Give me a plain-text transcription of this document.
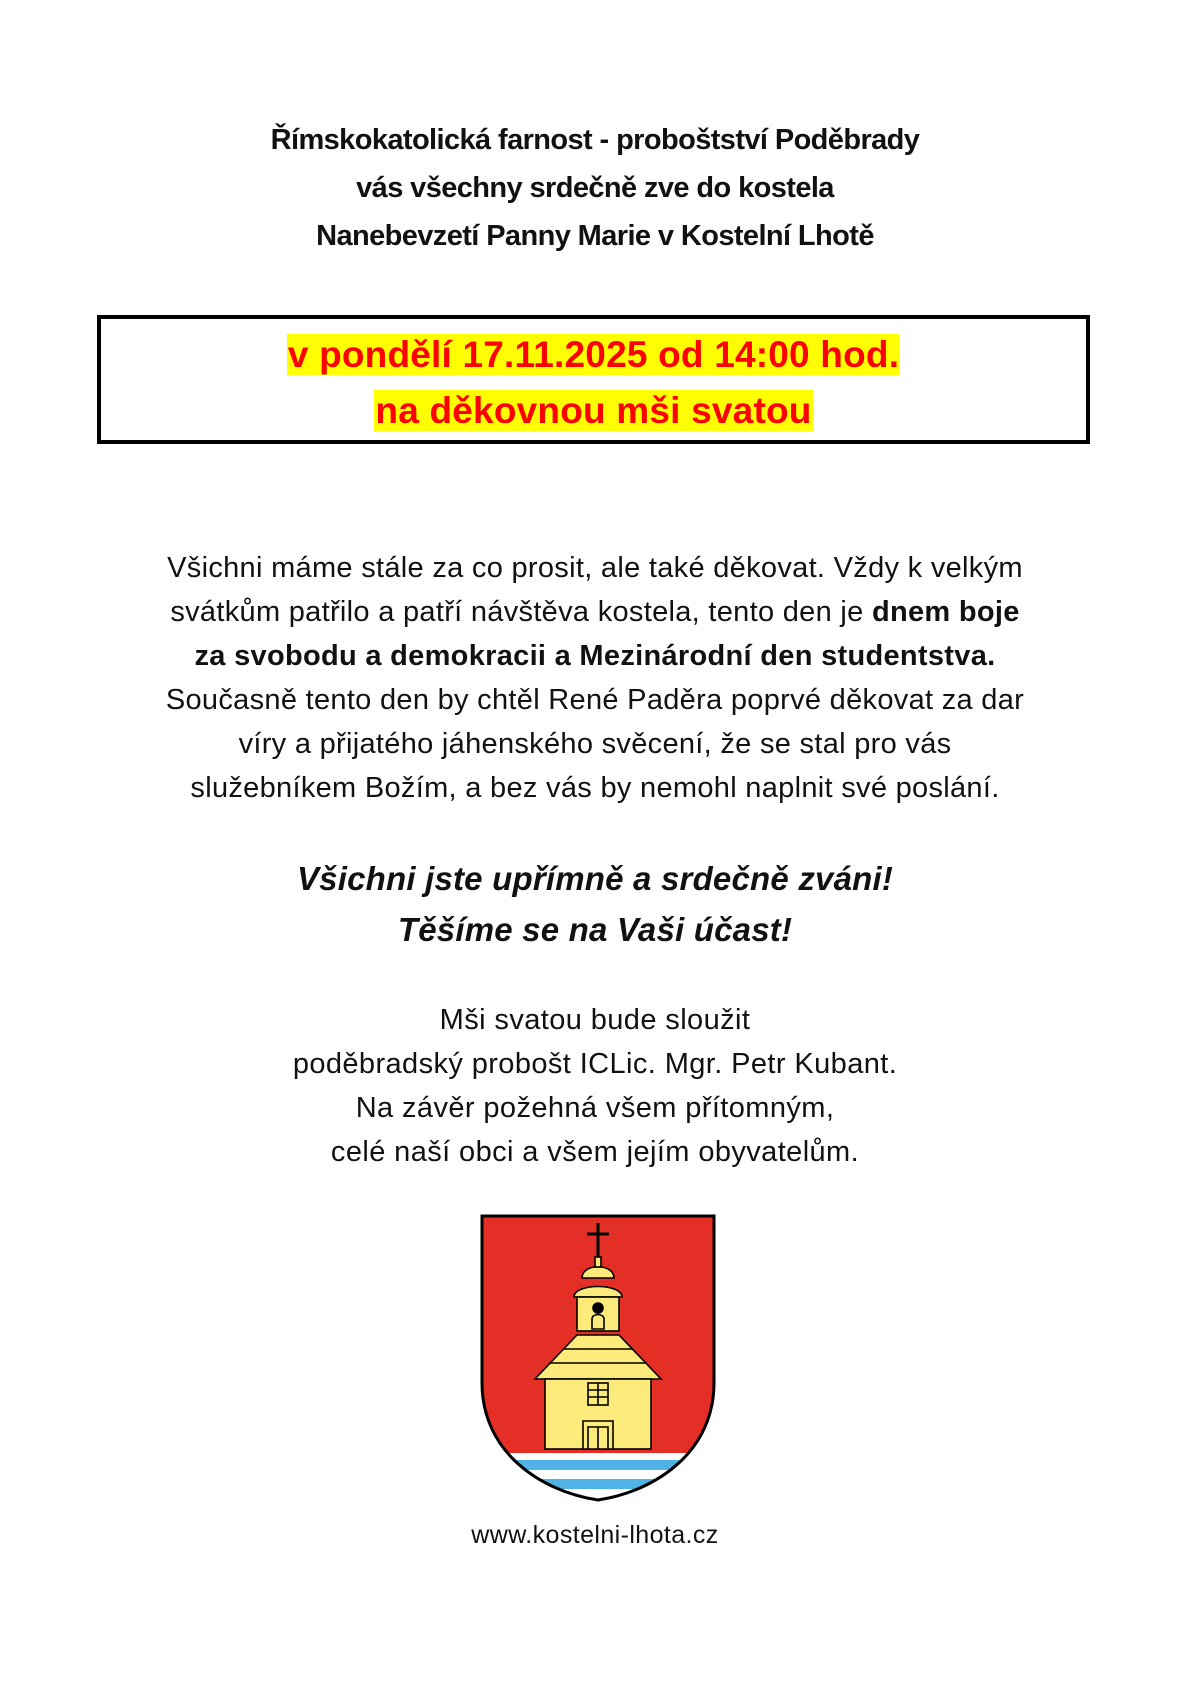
Římskokatolická farnost - proboštství Poděbrady
vás všechny srdečně zve do kostela
Nanebevzetí Panny Marie v Kostelní Lhotě
v pondělí 17.11.2025 od 14:00 hod.
na děkovnou mši svatou
Všichni máme stále za co prosit, ale také děkovat. Vždy k velkým
svátkům patřilo a patří návštěva kostela, tento den je dnem boje
za svobodu a demokracii a Mezinárodní den studentstva.
Současně tento den by chtěl René Paděra poprvé děkovat za dar
víry a přijatého jáhenského svěcení, že se stal pro vás
služebníkem Božím, a bez vás by nemohl naplnit své poslání.
Všichni jste upřímně a srdečně zváni!
Těšíme se na Vaši účast!
Mši svatou bude sloužit
poděbradský probošt ICLic. Mgr. Petr Kubant.
Na závěr požehná všem přítomným,
celé naší obci a všem jejím obyvatelům.
www.kostelni-lhota.cz
